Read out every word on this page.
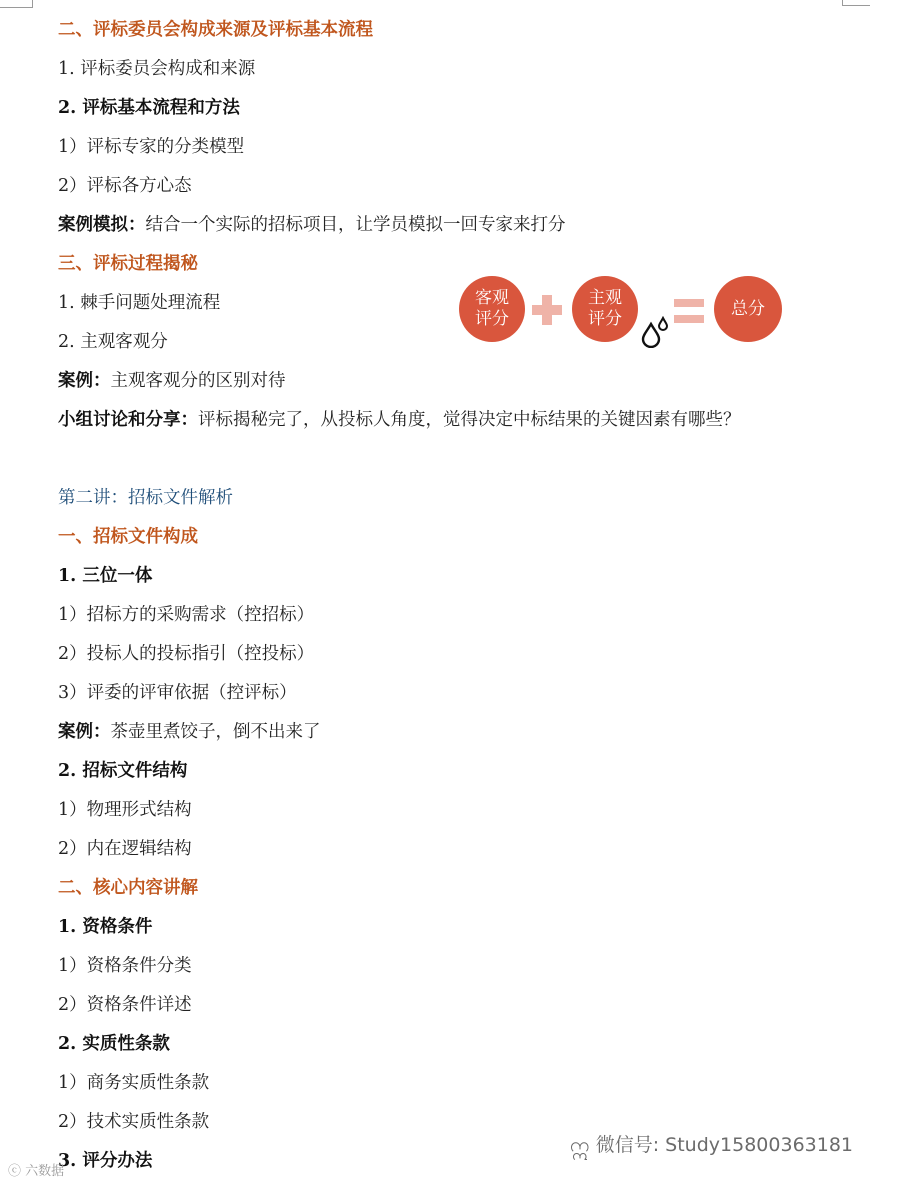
二、评标委员会构成来源及评标基本流程
1. 评标委员会构成和来源
2. 评标基本流程和方法
1）评标专家的分类模型
2）评标各方心态
案例模拟：结合一个实际的招标项目，让学员模拟一回专家来打分
三、评标过程揭秘
1. 棘手问题处理流程
2. 主观客观分
案例：主观客观分的区别对待
小组讨论和分享：评标揭秘完了，从投标人角度，觉得决定中标结果的关键因素有哪些？
第二讲：招标文件解析
一、招标文件构成
1. 三位一体
1）招标方的采购需求（控招标）
2）投标人的投标指引（控投标）
3）评委的评审依据（控评标）
案例：茶壶里煮饺子，倒不出来了
2. 招标文件结构
1）物理形式结构
2）内在逻辑结构
二、核心内容讲解
1. 资格条件
1）资格条件分类
2）资格条件详述
2. 实质性条款
1）商务实质性条款
2）技术实质性条款
3. 评分办法
客观
评分
主观
评分
总分
ဣ 微信号: Study15800363181
ⓒ 六数据
